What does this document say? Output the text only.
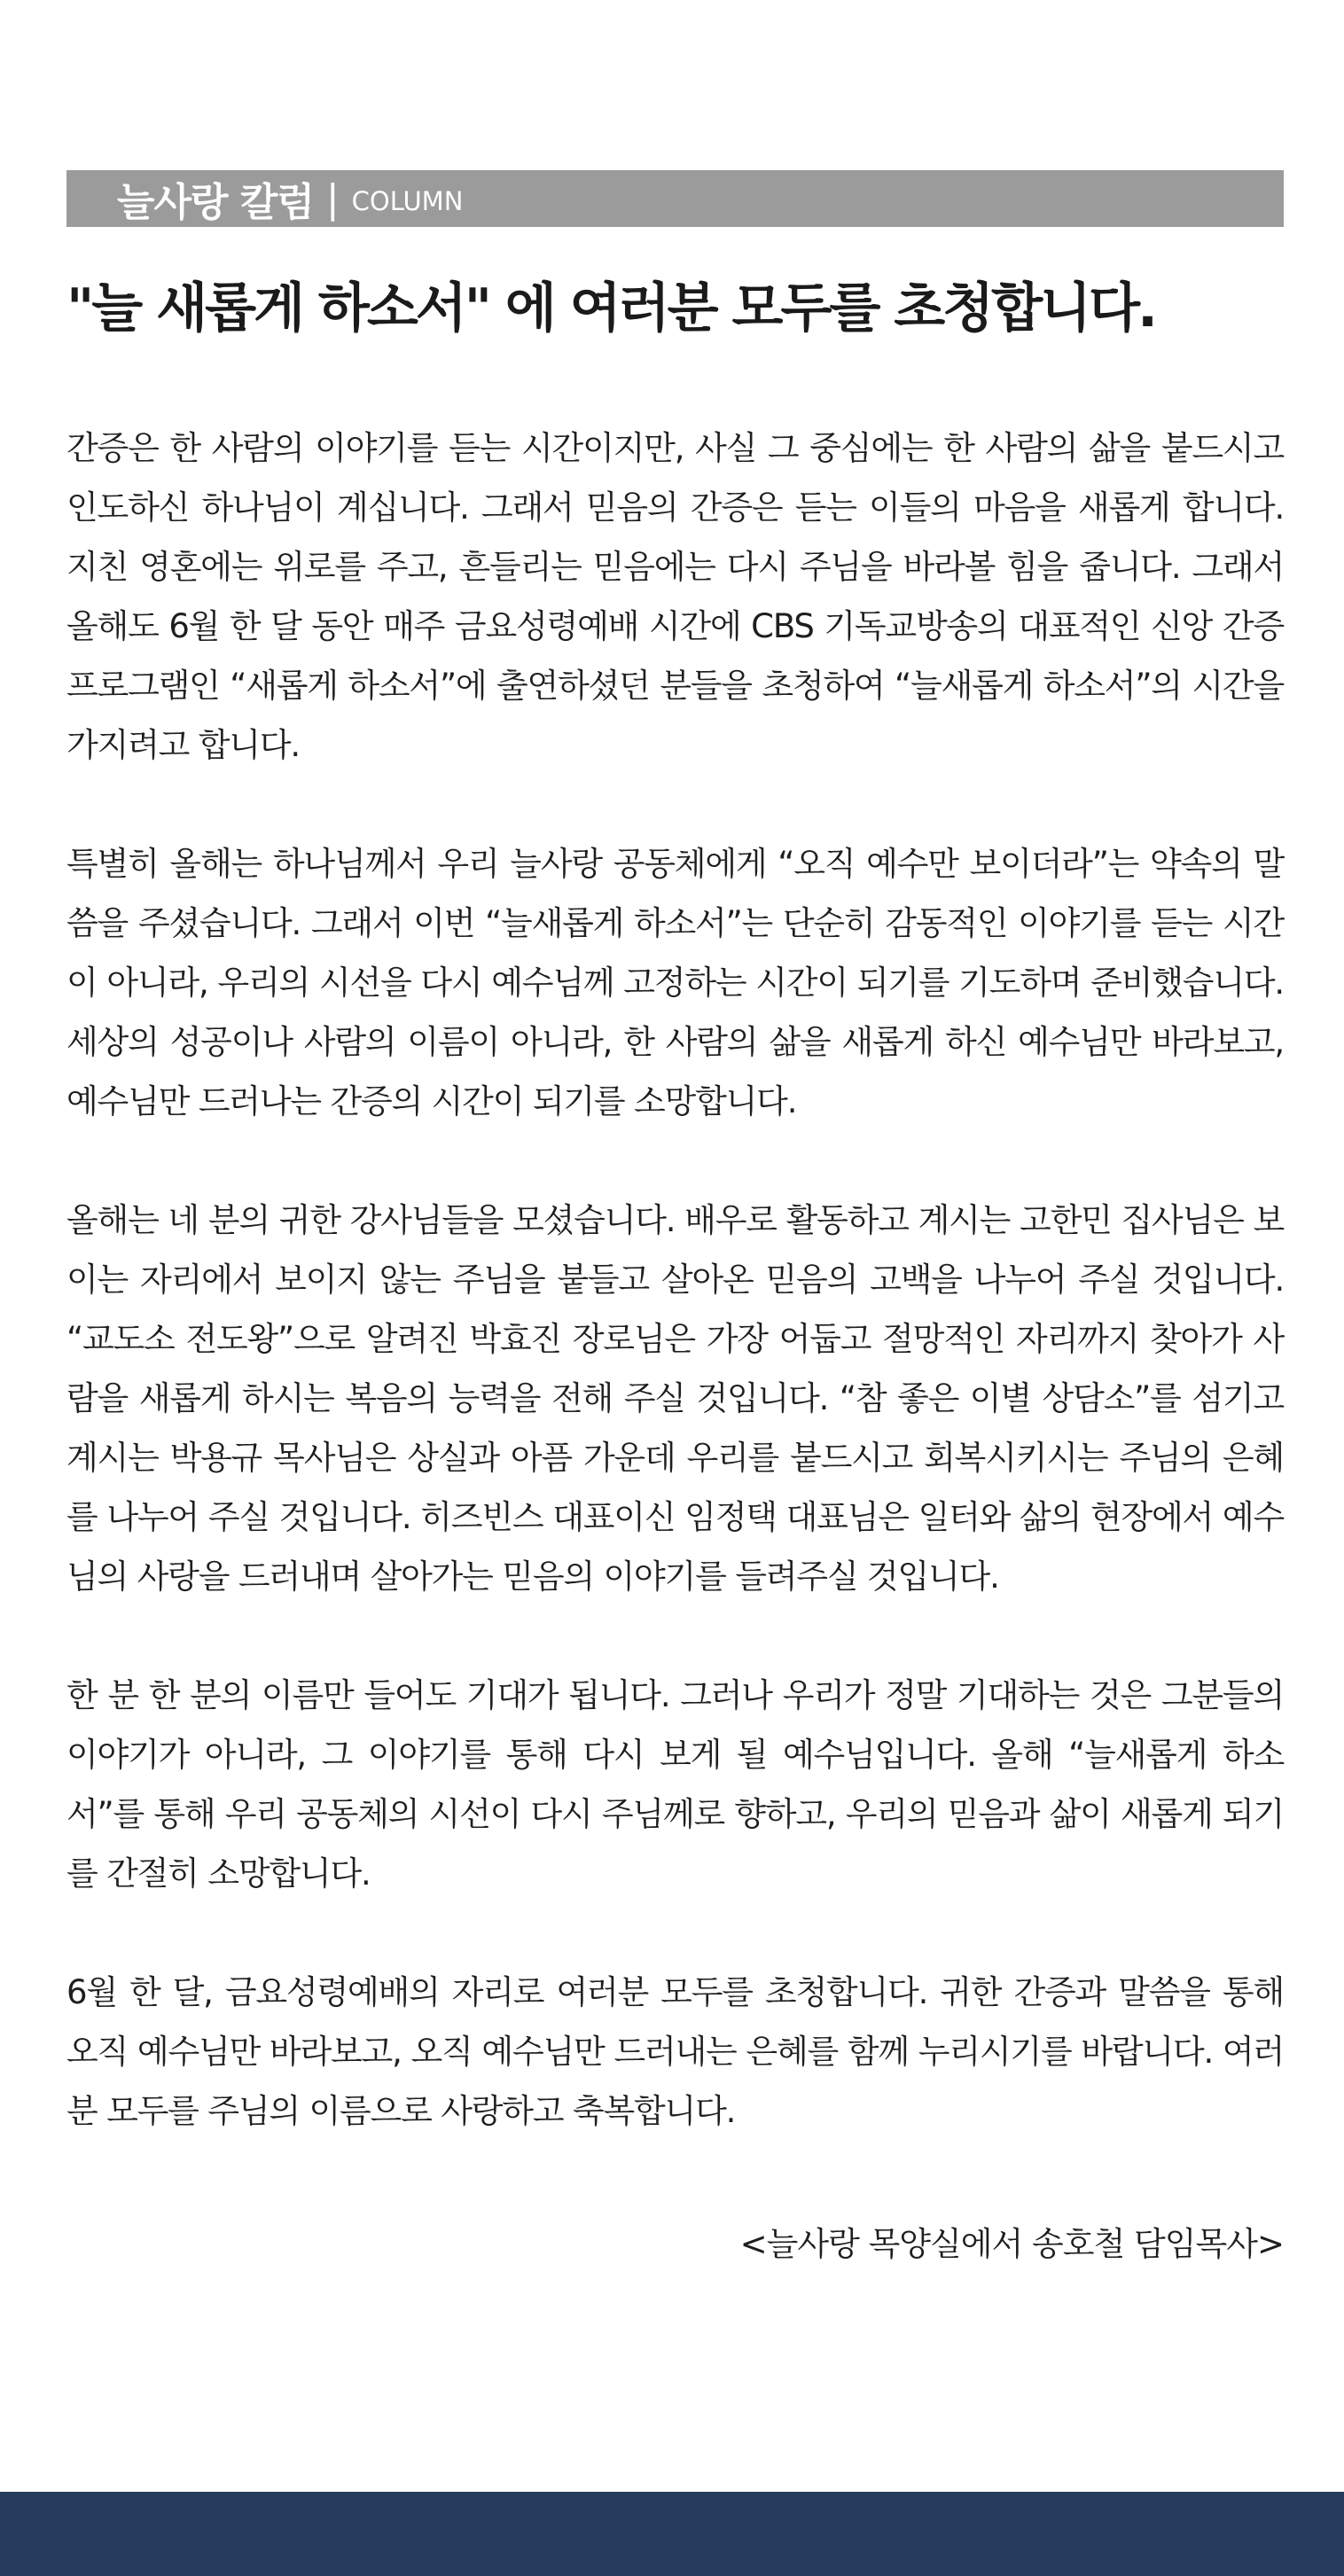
늘사랑 칼럼 | COLUMN
"늘 새롭게 하소서" 에 여러분 모두를 초청합니다.

간증은 한 사람의 이야기를 듣는 시간이지만, 사실 그 중심에는 한 사람의 삶을 붙드시고 인도하신 하나님이 계십니다. 그래서 믿음의 간증은 듣는 이들의 마음을 새롭게 합니다. 지친 영혼에는 위로를 주고, 흔들리는 믿음에는 다시 주님을 바라볼 힘을 줍니다. 그래서 올해도 6월 한 달 동안 매주 금요성령예배 시간에 CBS 기독교방송의 대표적인 신앙 간증 프로그램인 “새롭게 하소서”에 출연하셨던 분들을 초청하여 “늘새롭게 하소서”의 시간을 가지려고 합니다.

특별히 올해는 하나님께서 우리 늘사랑 공동체에게 “오직 예수만 보이더라”는 약속의 말씀을 주셨습니다. 그래서 이번 “늘새롭게 하소서”는 단순히 감동적인 이야기를 듣는 시간이 아니라, 우리의 시선을 다시 예수님께 고정하는 시간이 되기를 기도하며 준비했습니다. 세상의 성공이나 사람의 이름이 아니라, 한 사람의 삶을 새롭게 하신 예수님만 바라보고, 예수님만 드러나는 간증의 시간이 되기를 소망합니다.

올해는 네 분의 귀한 강사님들을 모셨습니다. 배우로 활동하고 계시는 고한민 집사님은 보이는 자리에서 보이지 않는 주님을 붙들고 살아온 믿음의 고백을 나누어 주실 것입니다. “교도소 전도왕”으로 알려진 박효진 장로님은 가장 어둡고 절망적인 자리까지 찾아가 사람을 새롭게 하시는 복음의 능력을 전해 주실 것입니다. “참 좋은 이별 상담소”를 섬기고 계시는 박용규 목사님은 상실과 아픔 가운데 우리를 붙드시고 회복시키시는 주님의 은혜를 나누어 주실 것입니다. 히즈빈스 대표이신 임정택 대표님은 일터와 삶의 현장에서 예수님의 사랑을 드러내며 살아가는 믿음의 이야기를 들려주실 것입니다.

한 분 한 분의 이름만 들어도 기대가 됩니다. 그러나 우리가 정말 기대하는 것은 그분들의 이야기가 아니라, 그 이야기를 통해 다시 보게 될 예수님입니다. 올해 “늘새롭게 하소서”를 통해 우리 공동체의 시선이 다시 주님께로 향하고, 우리의 믿음과 삶이 새롭게 되기를 간절히 소망합니다.

6월 한 달, 금요성령예배의 자리로 여러분 모두를 초청합니다. 귀한 간증과 말씀을 통해 오직 예수님만 바라보고, 오직 예수님만 드러내는 은혜를 함께 누리시기를 바랍니다. 여러분 모두를 주님의 이름으로 사랑하고 축복합니다.

<늘사랑 목양실에서 송호철 담임목사>
